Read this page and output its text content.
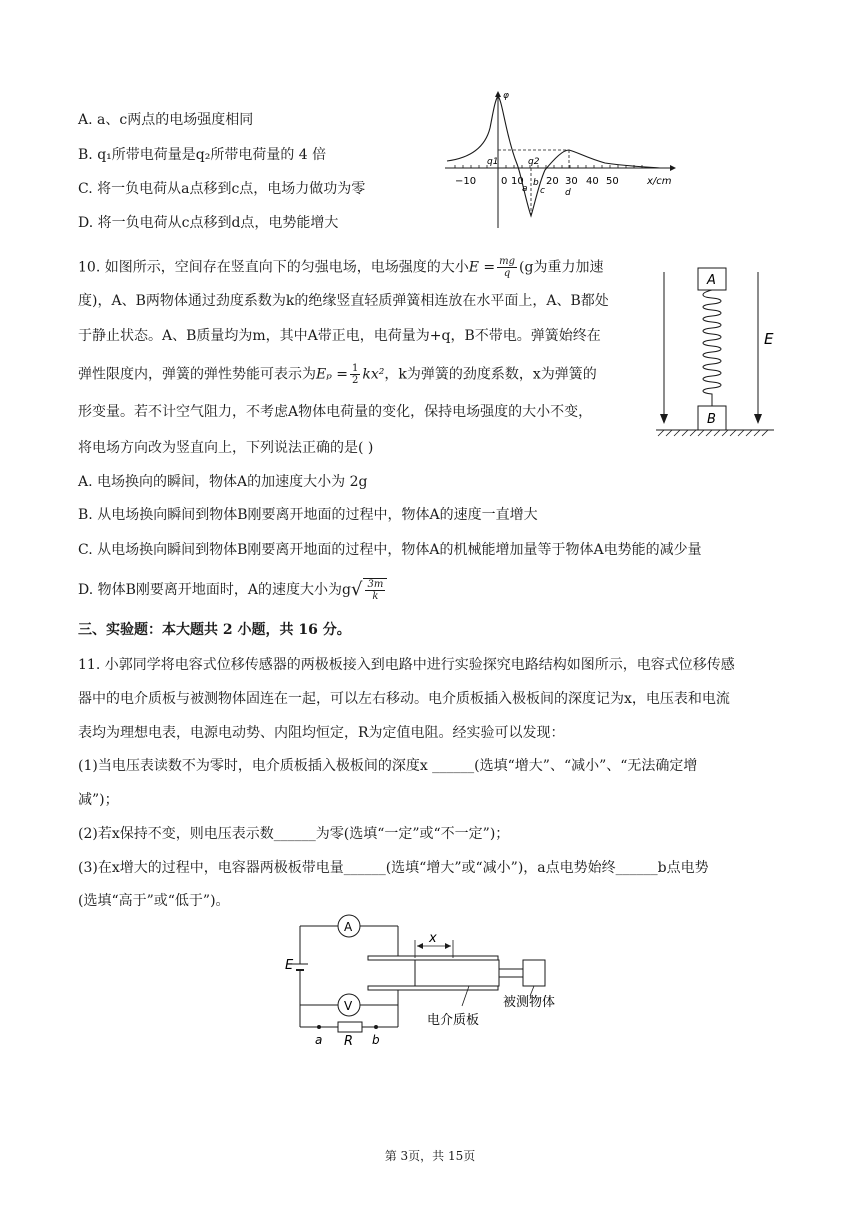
A. a、c两点的电场强度相同
B. q₁所带电荷量是q₂所带电荷量的 4 倍
C. 将一负电荷从a点移到c点，电场力做功为零
D. 将一负电荷从c点移到d点，电势能增大
φ
x/cm
−10 0 10 20 30 40 50
q1	q2
a
b
c d
10. 如图所示，空间存在竖直向下的匀强电场，电场强度的大小$E = \frac{mg}{q} (g$为重力加速
度)，A、B两物体通过劲度系数为k的绝缘竖直轻质弹簧相连放在水平面上，A、B都处
于静止状态。A、B质量均为m，其中A带正电，电荷量为+q，B不带电。弹簧始终在
弹性限度内，弹簧的弹性势能可表示为$E_p = \frac{1}{2} kx^2$，k为弹簧的劲度系数，x为弹簧的
形变量。若不计空气阻力，不考虑A物体电荷量的变化，保持电场强度的大小不变，
将电场方向改为竖直向上，下列说法正确的是( )
A. 电场换向的瞬间，物体A的加速度大小为 2g
B. 从电场换向瞬间到物体B刚要离开地面的过程中，物体A的速度一直增大
C. 从电场换向瞬间到物体B刚要离开地面的过程中，物体A的机械能增加量等于物体A电势能的减少量
D. 物体B刚要离开地面时，A的速度大小为$g√ \frac{3m}{k}$
A
B
E
三、实验题：本大题共 2 小题，共 16 分。
11. 小郭同学将电容式位移传感器的两极板接入到电路中进行实验探究电路结构如图所示，电容式位移传感
器中的电介质板与被测物体固连在一起，可以左右移动。电介质板插入极板间的深度记为x，电压表和电流
表均为理想电表，电源电动势、内阻均恒定，R为定值电阻。经实验可以发现：
(1)当电压表读数不为零时，电介质板插入极板间的深度x ______(选填“增大”、“减小”、“无法确定增
减”)；
(2)若x保持不变，则电压表示数______为零(选填“一定”或“不一定”)；
(3)在x增大的过程中，电容器两极板带电量______(选填“增大”或“减小”)，a点电势始终______b点电势
(选填“高于”或“低于”)。
A
E
V
a R b
x
电介质板
被测物体
第 3页，共 15页
